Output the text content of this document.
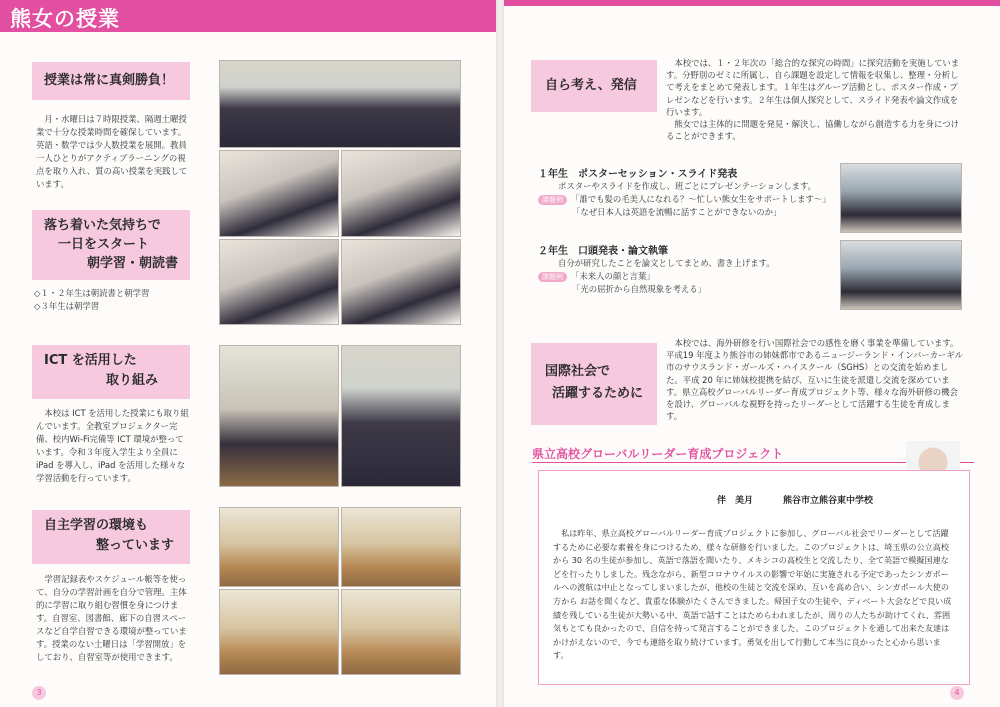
熊女の授業
授業は常に真剣勝負！
月・水曜日は７時限授業、隔週土曜授業で十分な授業時間を確保しています。英語・数学では少人数授業を展開。教員一人ひとりがアクティブラーニングの視点を取り入れ、質の高い授業を実践しています。
落ち着いた気持ちで
一日をスタート
朝学習・朝読書
◇１・２年生は朝読書と朝学習
◇３年生は朝学習
ICT を活用した
取り組み
本校は ICT を活用した授業にも取り組んでいます。全教室プロジェクター完備、校内Wi-Fi完備等 ICT 環境が整っています。令和３年度入学生より全員に iPad を導入し、iPad を活用した様々な学習活動を行っています。
自主学習の環境も
整っています
学習記録表やスケジュール帳等を使って、自分の学習計画を自分で管理。主体的に学習に取り組む習慣を身につけます。自習室、図書館、廊下の自習スペースなど自学自習できる環境が整っています。授業のない土曜日は「学習開放」をしており、自習室等が使用できます。
3
自ら考え、発信
本校では、１・２年次の「総合的な探究の時間」に探究活動を実施しています。分野別のゼミに所属し、自ら課題を設定して情報を収集し、整理・分析して考えをまとめて発表します。１年生はグループ活動とし、ポスター作成・プレゼンなどを行います。２年生は個人探究として、スライド発表や論文作成を行います。
熊女では主体的に問題を発見・解決し、協働しながら創造する力を身につけることができます。
１年生　ポスターセッション・スライド発表
ポスターやスライドを作成し、班ごとにプレゼンテーションします。
課題例 「誰でも髪の毛美人になれる？〜忙しい熊女生をサポートします〜」
「なぜ日本人は英語を流暢に話すことができないのか」
２年生　口頭発表・論文執筆
自分が研究したことを論文としてまとめ、書き上げます。
課題例 「未来人の顔と言葉」
「光の屈折から自然現象を考える」
国際社会で
活躍するために
本校では、海外研修を行い国際社会での感性を磨く事業を準備しています。平成19 年度より熊谷市の姉妹都市であるニュージーランド・インバーカーギル市のサウスランド・ガールズ・ハイスクール（SGHS）との交流を始めました。平成 20 年に姉妹校提携を結び、互いに生徒を派遣し交流を深めています。県立高校グローバルリーダー育成プロジェクト等、様々な海外研修の機会を設け、グローバルな視野を持ったリーダーとして活躍する生徒を育成します。
県立高校グローバルリーダー育成プロジェクト
伴　美月	熊谷市立熊谷東中学校
私は昨年、県立高校グローバルリーダー育成プロジェクトに参加し、グローバル社会でリーダーとして活躍するために必要な素養を身につけるため、様々な研修を行いました。このプロジェクトは、埼玉県の公立高校から 30 名の生徒が参加し、英語で落語を聞いたり、メキシコの高校生と交流したり、全て英語で模擬国連などを行ったりしました。残念ながら、新型コロナウイルスの影響で年始に実施される予定であったシンガポールへの渡航は中止となってしまいましたが、他校の生徒と交流を深め、互いを高め合い、シンガポール大使の方から お話を聞くなど、貴重な体験がたくさんできました。帰国子女の生徒や、ディベート大会などで良い成績を残している生徒が大勢いる中、英語で話すことはためらわれましたが、周りの人たちが助けてくれ、雰囲気もとても良かったので、自信を持って発言することができました。このプロジェクトを通して出来た友達はかけがえないので、今でも連絡を取り続けています。勇気を出して行動して本当に良かったと心から思います。
4
